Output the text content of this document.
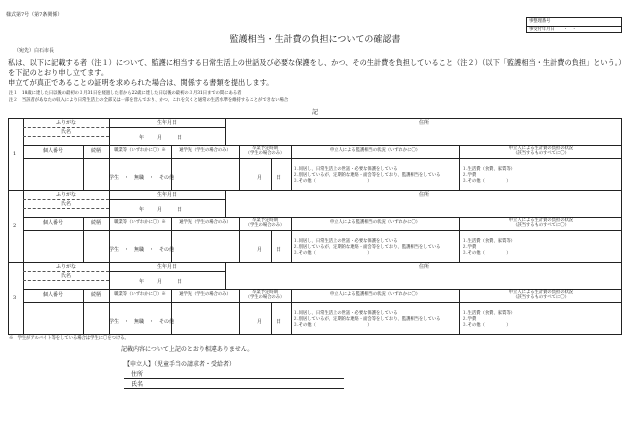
様式第7号（第7条関係）
事整理番号
事受付年月日　　・　・
監護相当・生計費の負担についての確認書
（宛先）白石市長
私は、以下に記載する者（注１）について、監護に相当する日常生活上の世話及び必要な保護をし、かつ、その生計費を負担していること（注２）（以下「監護相当・生計費の負担」という。）を下記のとおり申し立てます。
申立てが真正であることの証明を求められた場合は、関係する書類を提出します。
注１　18歳に達した日以後の最初の３月31日を経過した者から22歳に達した日以後の最初の３月31日までの間にある者
注２　当該者があなたの収入により日常生活上の全部又は一部を営んでおり、かつ、これを欠くと通常の生活水準を維持することができない場合
記
1
ふりがな
氏名
生年月日	住所
年	月	日
個人番号	続柄	職業等（いずれかに〇）※	通学先（学生の場合のみ）	卒業予定時期
（学生の場合のみ）
申立人による監護相当の状況（いずれかに〇）	申立人による生計費の負担の状況
（該当するものすべてに〇）
学生　・　無職　・　その他	月	日
１.同居し、日常生活上の世話・必要な保護をしている
２.別居しているが、定期的な連絡・面会等をしており、監護相当をしている
３.その他（　　　　　　　　　　　　）
１.生活費（食費、家賃等）
２.学費
３.その他（　　　　　）
2
ふりがな
氏名
生年月日	住所
年	月	日
個人番号	続柄	職業等（いずれかに〇）※	通学先（学生の場合のみ）	卒業予定時期
（学生の場合のみ）
申立人による監護相当の状況（いずれかに〇）	申立人による生計費の負担の状況
（該当するものすべてに〇）
学生　・　無職　・　その他	月	日
１.同居し、日常生活上の世話・必要な保護をしている
２.別居しているが、定期的な連絡・面会等をしており、監護相当をしている
３.その他（　　　　　　　　　　　　）
１.生活費（食費、家賃等）
２.学費
３.その他（　　　　　）
3
ふりがな
氏名
生年月日	住所
年	月	日
個人番号	続柄	職業等（いずれかに〇）※	通学先（学生の場合のみ）	卒業予定時期
（学生の場合のみ）
申立人による監護相当の状況（いずれかに〇）	申立人による生計費の負担の状況
（該当するものすべてに〇）
学生　・　無職　・　その他	月	日
１.同居し、日常生活上の世話・必要な保護をしている
２.別居しているが、定期的な連絡・面会等をしており、監護相当をしている
３.その他（　　　　　　　　　　　　）
１.生活費（食費、家賃等）
２.学費
３.その他（　　　　　）
※　学生がアルバイト等をしている場合は学生に〇をつける。
記載内容について上記のとおり相違ありません。
【申立人】（児童手当の請求者・受給者）
住所
氏名
